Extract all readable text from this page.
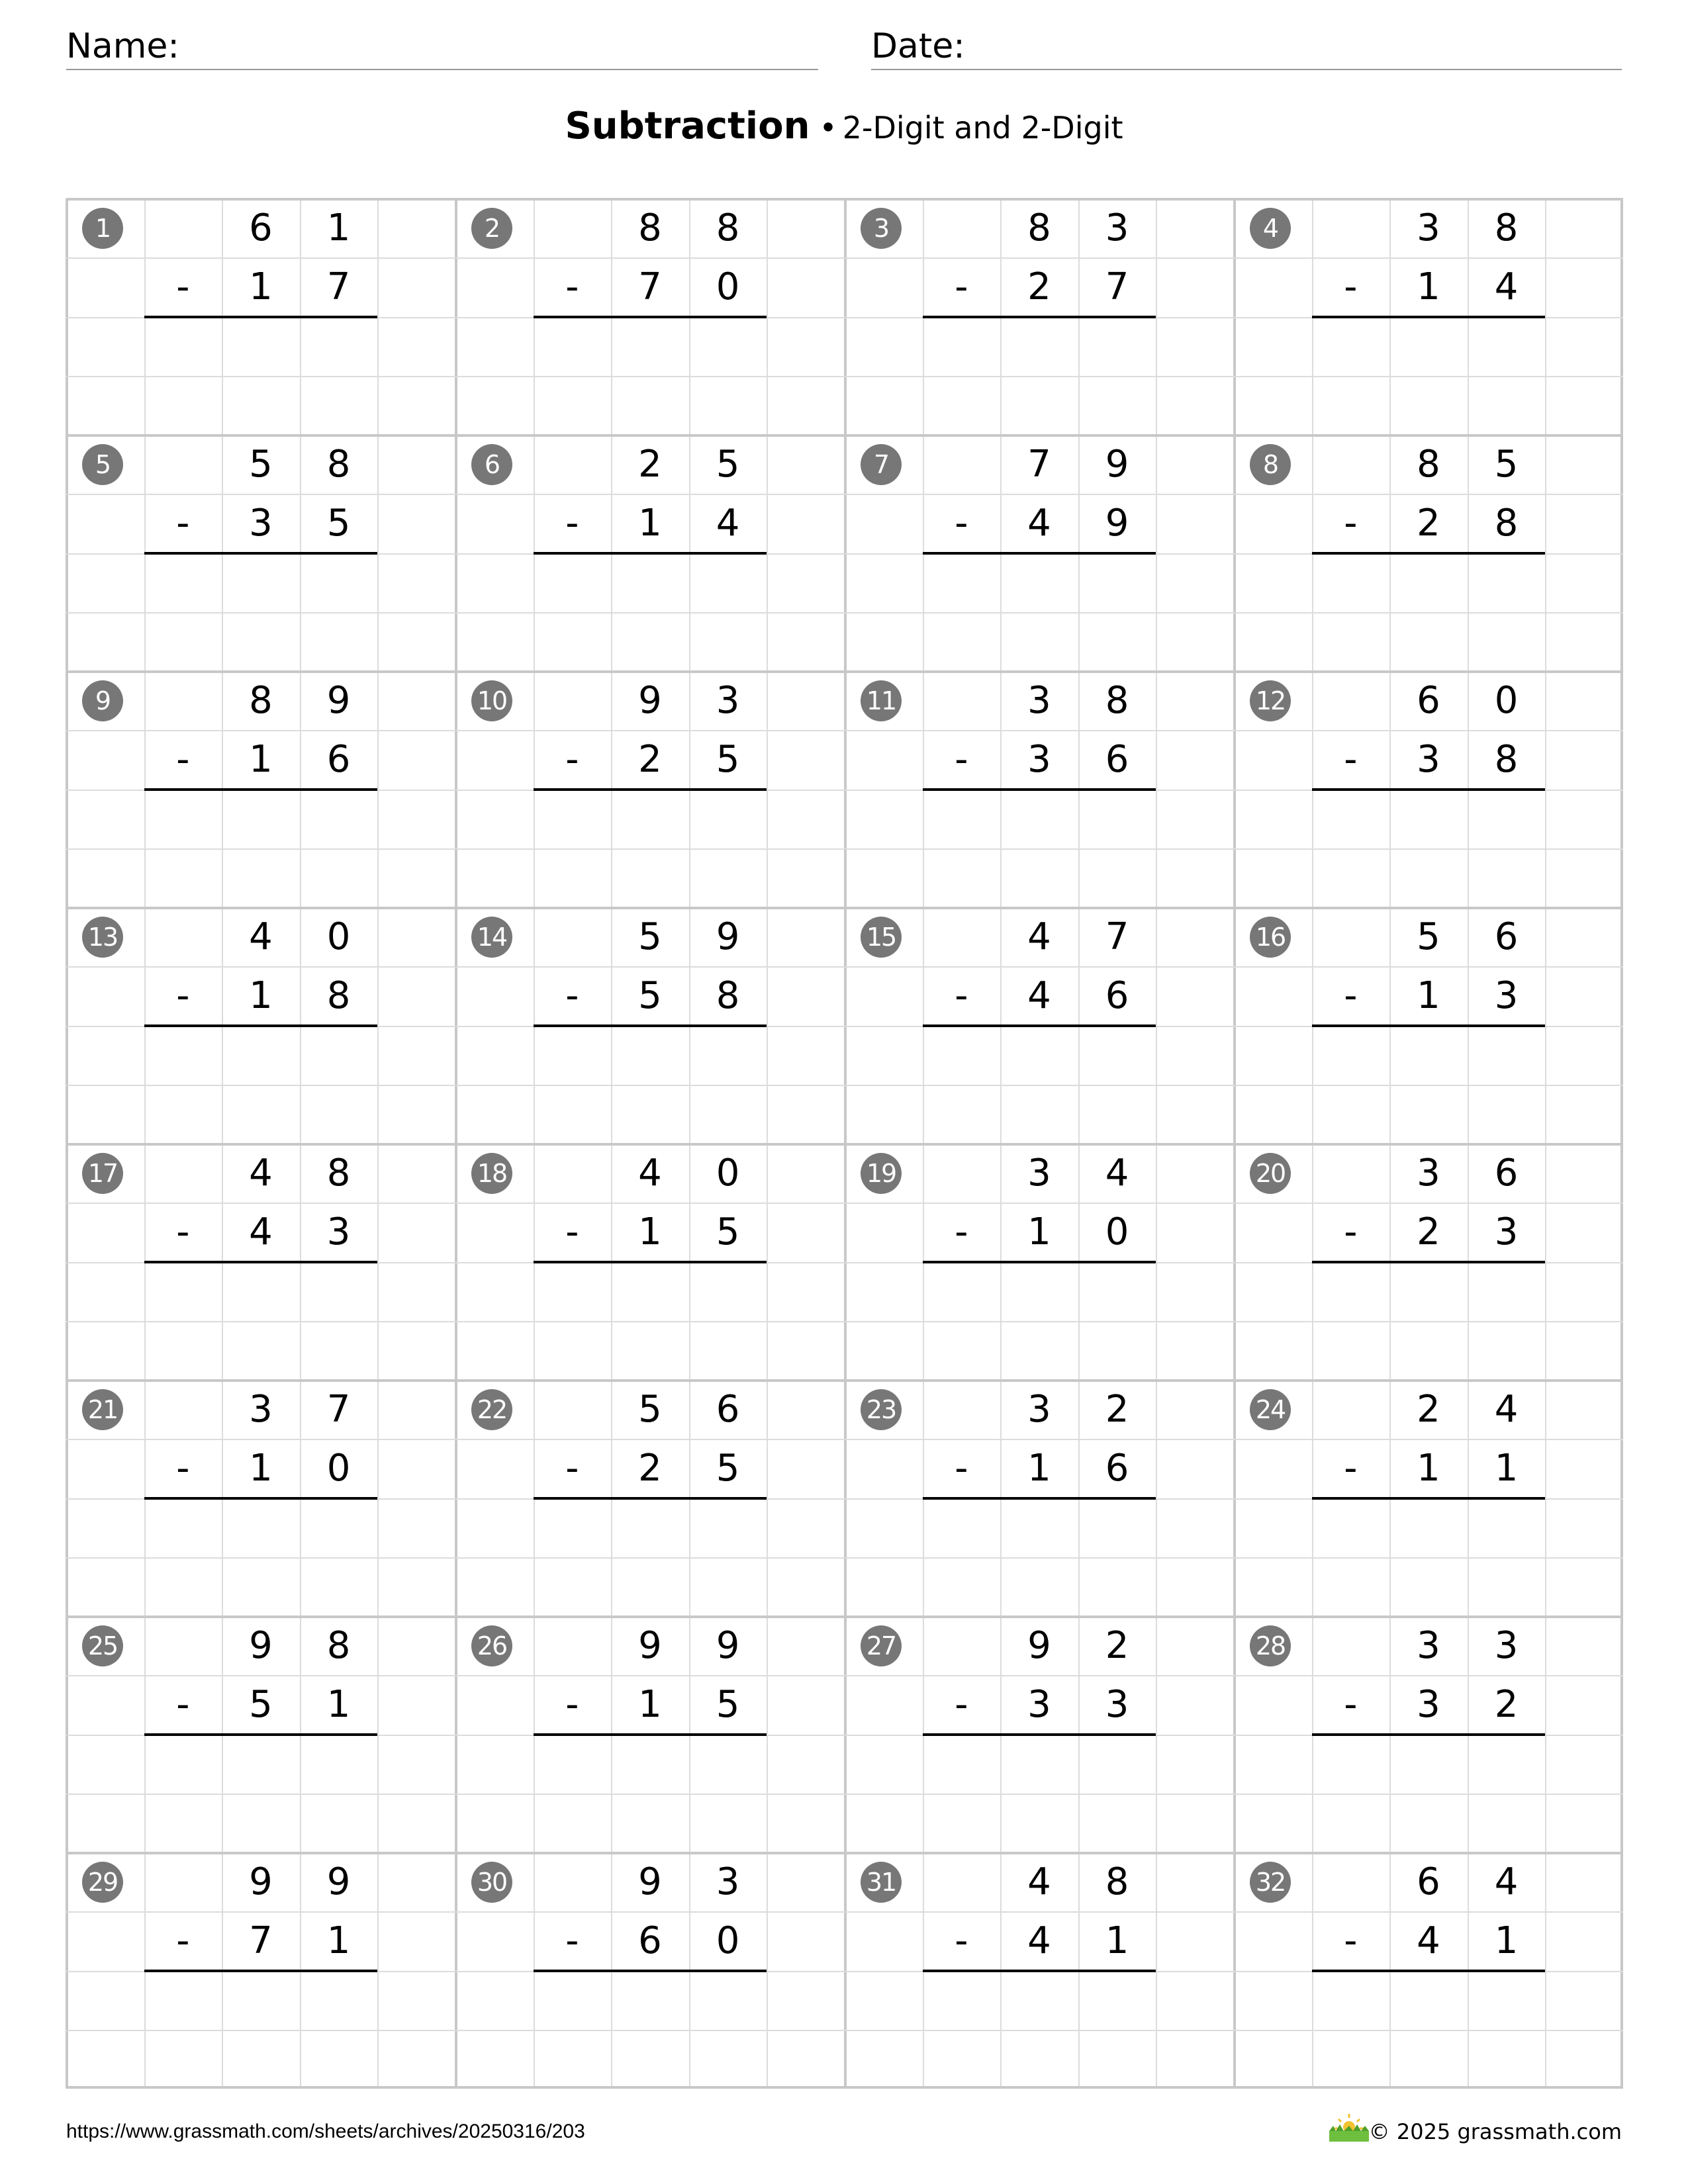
Name:	Date:
Subtraction • 2-Digit and 2-Digit
1	6	1
-	1	7
2	8	8
-	7	0
3	8	3
-	2	7
4	3	8
-	1	4
5	5	8
-	3	5
6	2	5
-	1	4
7	7	9
-	4	9
8	8	5
-	2	8
9	8	9
-	1	6
10	9	3
-	2	5
11	3	8
-	3	6
12	6	0
-	3	8
13	4	0
-	1	8
14	5	9
-	5	8
15	4	7
-	4	6
16	5	6
-	1	3
17	4	8
-	4	3
18	4	0
-	1	5
19	3	4
-	1	0
20	3	6
-	2	3
21	3	7
-	1	0
22	5	6
-	2	5
23	3	2
-	1	6
24	2	4
-	1	1
25	9	8
-	5	1
26	9	9
-	1	5
27	9	2
-	3	3
28	3	3
-	3	2
29	9	9
-	7	1
30	9	3
-	6	0
31	4	8
-	4	1
32	6	4
-	4	1
https://www.grassmath.com/sheets/archives/20250316/203	© 2025 grassmath.com
